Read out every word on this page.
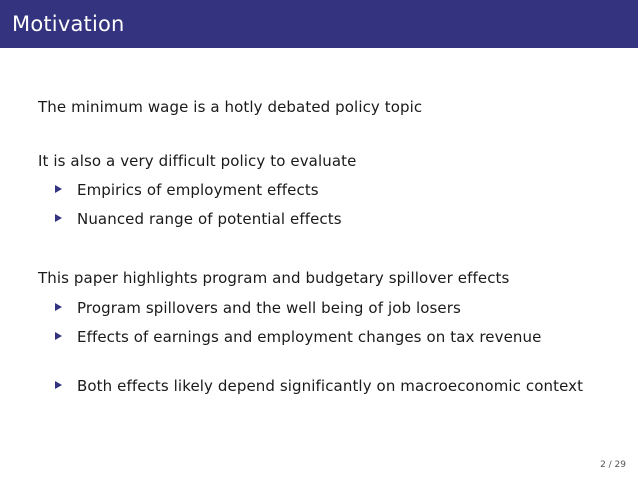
Motivation
The minimum wage is a hotly debated policy topic
It is also a very difficult policy to evaluate
Empirics of employment effects
Nuanced range of potential effects
This paper highlights program and budgetary spillover effects
Program spillovers and the well being of job losers
Effects of earnings and employment changes on tax revenue
Both effects likely depend significantly on macroeconomic context
2 / 29
